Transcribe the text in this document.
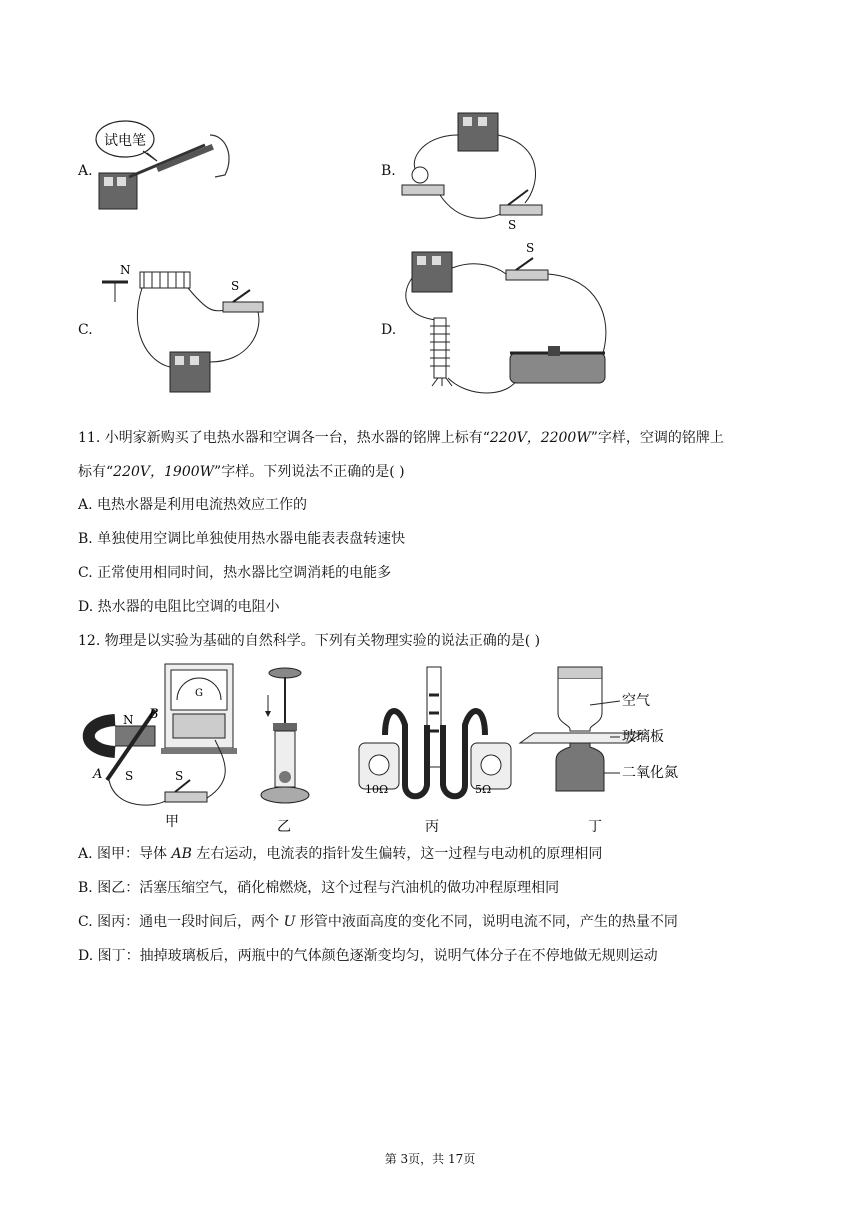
A.
试电笔
B.
S
C.
N
S
D.
S
11. 小明家新购买了电热水器和空调各一台，热水器的铭牌上标有“220V，2200W”字样，空调的铭牌上
标有“220V，1900W”字样。下列说法不正确的是( )
A. 电热水器是利用电流热效应工作的
B. 单独使用空调比单独使用热水器电能表表盘转速快
C. 正常使用相同时间，热水器比空调消耗的电能多
D. 热水器的电阻比空调的电阻小
12. 物理是以实验为基础的自然科学。下列有关物理实验的说法正确的是( )
G
N
A
B
S	S
甲	乙
10Ω	5Ω
丙
空气
玻璃板
二氧化氮
丁
A. 图甲：导体 AB 左右运动，电流表的指针发生偏转，这一过程与电动机的原理相同
B. 图乙：活塞压缩空气，硝化棉燃烧，这个过程与汽油机的做功冲程原理相同
C. 图丙：通电一段时间后，两个 U 形管中液面高度的变化不同，说明电流不同，产生的热量不同
D. 图丁：抽掉玻璃板后，两瓶中的气体颜色逐渐变均匀，说明气体分子在不停地做无规则运动
第 3页，共 17页
